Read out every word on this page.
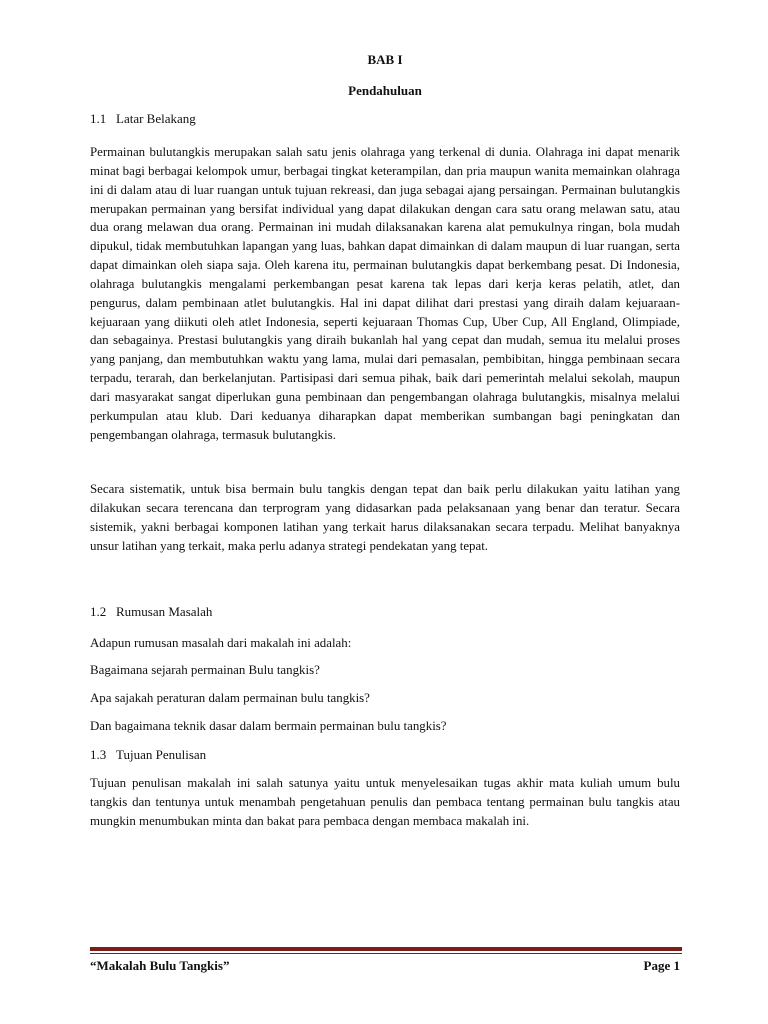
BAB I

Pendahuluan

1.1 Latar Belakang

Permainan bulutangkis merupakan salah satu jenis olahraga yang terkenal di dunia. Olahraga ini dapat menarik minat bagi berbagai kelompok umur, berbagai tingkat keterampilan, dan pria maupun wanita memainkan olahraga ini di dalam atau di luar ruangan untuk tujuan rekreasi, dan juga sebagai ajang persaingan. Permainan bulutangkis merupakan permainan yang bersifat individual yang dapat dilakukan dengan cara satu orang melawan satu, atau dua orang melawan dua orang. Permainan ini mudah dilaksanakan karena alat pemukulnya ringan, bola mudah dipukul, tidak membutuhkan lapangan yang luas, bahkan dapat dimainkan di dalam maupun di luar ruangan, serta dapat dimainkan oleh siapa saja. Oleh karena itu, permainan bulutangkis dapat berkembang pesat. Di Indonesia, olahraga bulutangkis mengalami perkembangan pesat karena tak lepas dari kerja keras pelatih, atlet, dan pengurus, dalam pembinaan atlet bulutangkis. Hal ini dapat dilihat dari prestasi yang diraih dalam kejuaraan-kejuaraan yang diikuti oleh atlet Indonesia, seperti kejuaraan Thomas Cup, Uber Cup, All England, Olimpiade, dan sebagainya. Prestasi bulutangkis yang diraih bukanlah hal yang cepat dan mudah, semua itu melalui proses yang panjang, dan membutuhkan waktu yang lama, mulai dari pemasalan, pembibitan, hingga pembinaan secara terpadu, terarah, dan berkelanjutan. Partisipasi dari semua pihak, baik dari pemerintah melalui sekolah, maupun dari masyarakat sangat diperlukan guna pembinaan dan pengembangan olahraga bulutangkis, misalnya melalui perkumpulan atau klub. Dari keduanya diharapkan dapat memberikan sumbangan bagi peningkatan dan pengembangan olahraga, termasuk bulutangkis.

Secara sistematik, untuk bisa bermain bulu tangkis dengan tepat dan baik perlu dilakukan yaitu latihan yang dilakukan secara terencana dan terprogram yang didasarkan pada pelaksanaan yang benar dan teratur. Secara sistemik, yakni berbagai komponen latihan yang terkait harus dilaksanakan secara terpadu. Melihat banyaknya unsur latihan yang terkait, maka perlu adanya strategi pendekatan yang tepat.

1.2 Rumusan Masalah

Adapun rumusan masalah dari makalah ini adalah:

Bagaimana sejarah permainan Bulu tangkis?

Apa sajakah peraturan dalam permainan bulu tangkis?

Dan bagaimana teknik dasar dalam bermain permainan bulu tangkis?

1.3 Tujuan Penulisan

Tujuan penulisan makalah ini salah satunya yaitu untuk menyelesaikan tugas akhir mata kuliah umum bulu tangkis dan tentunya untuk menambah pengetahuan penulis dan pembaca tentang permainan bulu tangkis atau mungkin menumbukan minta dan bakat para pembaca dengan membaca makalah ini.

“Makalah Bulu Tangkis”	Page 1
